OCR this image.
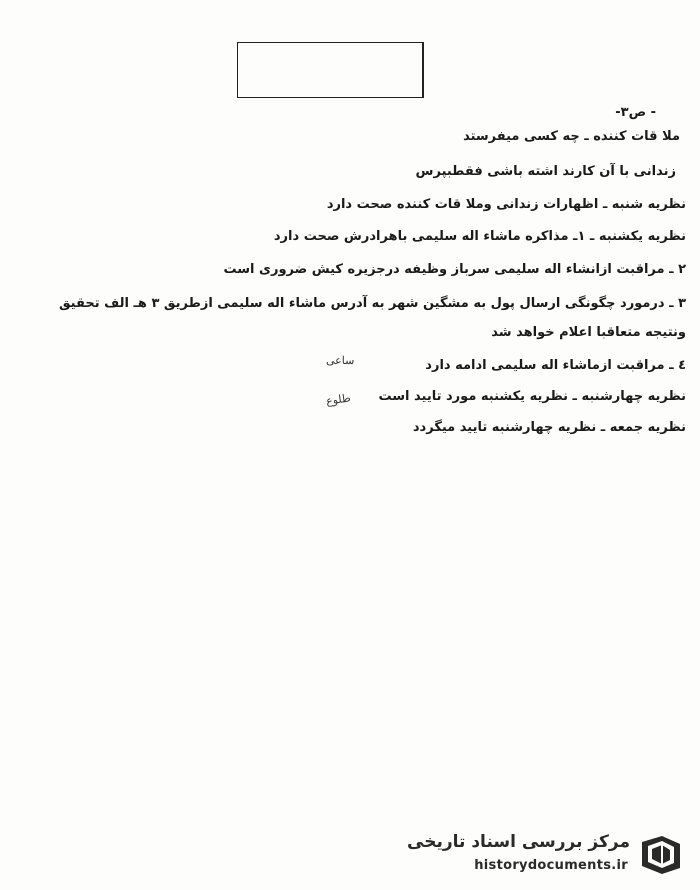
- ص٣-
ملا قات کننده ـ چه کسی میفرستد
زندانی با آن کارند اشته باشی فقطبپرس
نظریه شنبه ـ اظهارات زندانی وملا قات کننده صحت دارد
نظریه یکشنبه ـ ۱ـ مذاکره ماشاء اله سلیمی باهرادرش صحت دارد
۲ ـ مراقبت ازانشاء اله سلیمی سرباز وظیفه درجزیره کیش ضروری است
۳ ـ درمورد چگونگی ارسال پول به مشگین شهر به آدرس ماشاء اله سلیمی ازطریق ۳ هـ الف تحقیق
ونتیجه متعاقبا اعلام خواهد شد
٤ ـ مراقبت ازماشاء اله سلیمی ادامه دارد
نظریه چهارشنبه ـ نظریه یکشنبه مورد تایید است
نظریه جمعه ـ نظریه چهارشنبه تایید میگردد
ساعی
طلوع
مرکز بررسی اسناد تاریخی
historydocuments.ir
